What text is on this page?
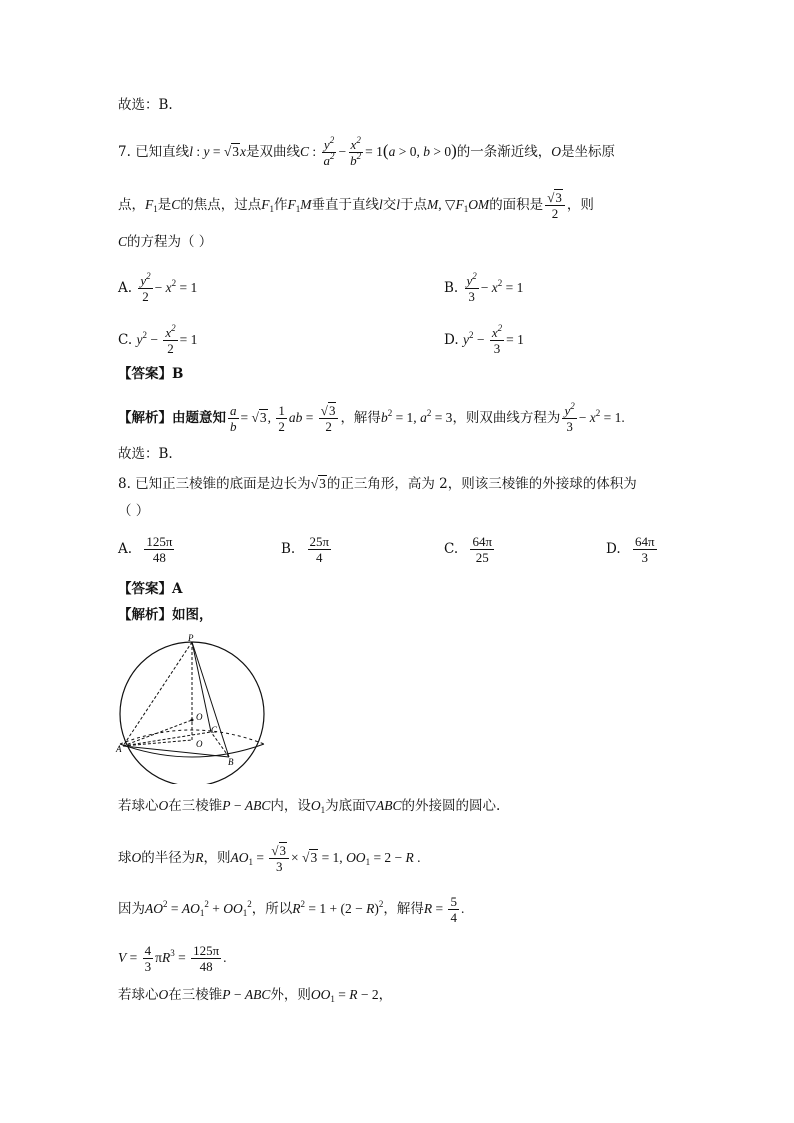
故选：B.
7. 已知直线l : y = √3x是双曲线C : $\frac{y^2}{a^2} - \frac{x^2}{b^2} = 1(a > 0$, b > 0)的一条渐近线，O是坐标原
点，$F_1$是C的焦点，过点$F_1$作$F_1M$垂直于直线l交l于点M, $▽F_1OM$的面积是 $\frac{√3}{2}$ ，则
C的方程为（ ）
A. $\frac{y^2}{2} - x^2 = 1$	B. $\frac{y^2}{3} - x^2 = 1$
C. $y^2 - \frac{x^2}{2} = 1$	D. $y^2 - \frac{x^2}{3} = 1$
【答案】B
【解析】由题意知 $\frac{a}{b} = √3$, $\frac{1}{2}$ ab = $\frac{√3}{2}$ ，解得$b^2 = 1$, $a^2 = 3$，则双曲线方程为 $\frac{y^2}{3} - x^2 = 1$.
故选：B.
8. 已知正三棱锥的底面是边长为√3的正三角形，高为 2，则该三棱锥的外接球的体积为
（ ）
A. $\frac{125\pi}{48}$	B. $\frac{25\pi}{4}$	C. $\frac{64\pi}{25}$	D. $\frac{64\pi}{3}$
【答案】A
【解析】如图，
P
O
C
O
A
B
若球心O在三棱锥P − ABC内，设$O_1$为底面▽ABC的外接圆的圆心.
球O的半径为R，则$AO_1 = \frac{√3}{3} \times √3 = 1$, $OO_1 = 2 - R$ .
因为$AO^2 = AO_1^2 + OO_1^2$，所以$R^2 = 1 + (2 - R)^2$，解得$R = \frac{5}{4}$ .
$V = \frac{4}{3} \pi R^3 = \frac{125\pi}{48}$ .
若球心O在三棱锥P − ABC外，则$OO_1 = R - 2$，
